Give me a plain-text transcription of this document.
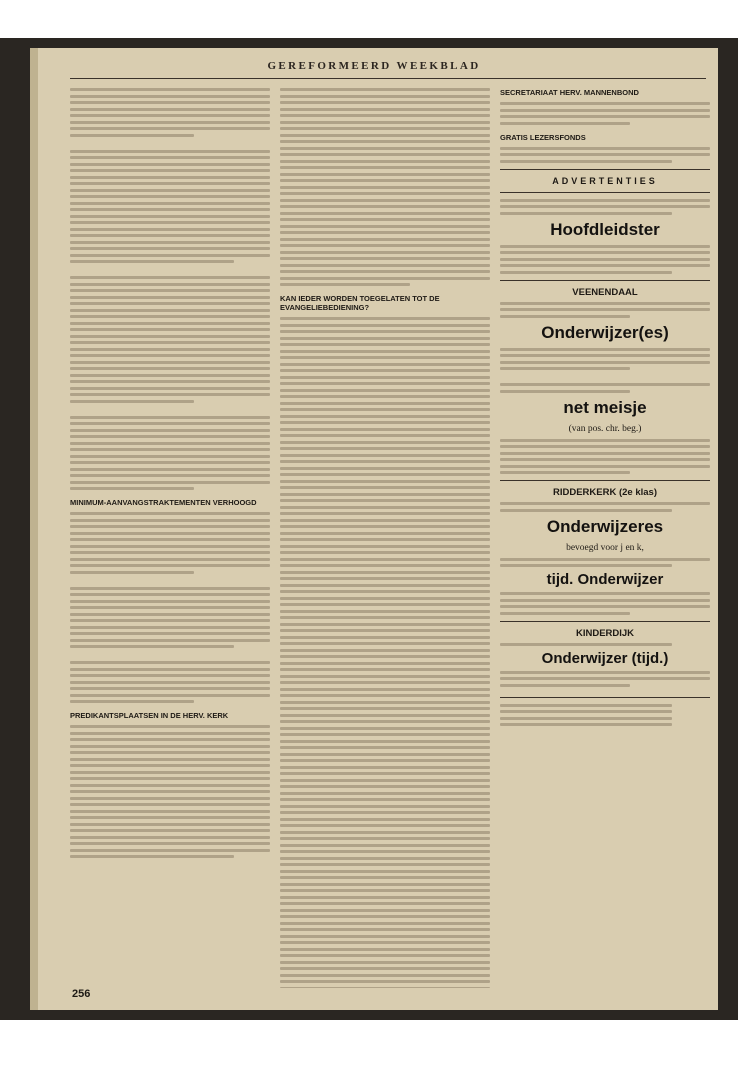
GEREFORMEERD WEEKBLAD
MINIMUM-AANVANGSTRAKTEMENTEN VERHOOGD
PREDIKANTSPLAATSEN IN DE HERV. KERK
KAN IEDER WORDEN TOEGELATEN TOT DE EVANGELIEBEDIENING?
SECRETARIAAT HERV. MANNENBOND
GRATIS LEZERSFONDS
ADVERTENTIES
Hoofdleidster
VEENENDAAL
Onderwijzer(es)
net meisje
(van pos. chr. beg.)
RIDDERKERK (2e klas)
Onderwijzeres
bevoegd voor j en k,
tijd. Onderwijzer
KINDERDIJK
Onderwijzer (tijd.)
256
